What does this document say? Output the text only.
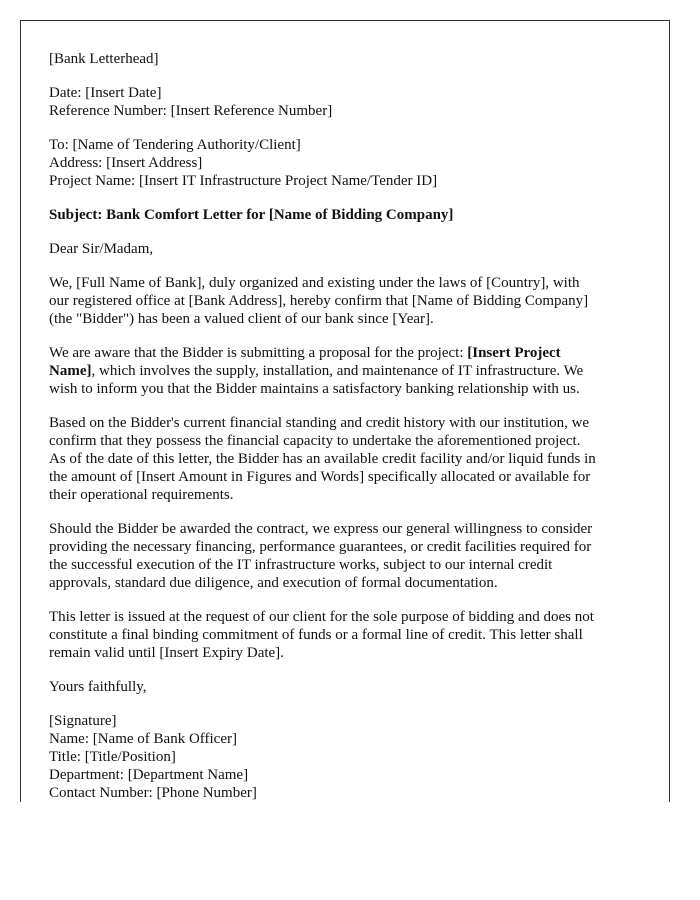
[Bank Letterhead]
Date: [Insert Date]
Reference Number: [Insert Reference Number]
To: [Name of Tendering Authority/Client]
Address: [Insert Address]
Project Name: [Insert IT Infrastructure Project Name/Tender ID]
Subject: Bank Comfort Letter for [Name of Bidding Company]
Dear Sir/Madam,
We, [Full Name of Bank], duly organized and existing under the laws of [Country], with
our registered office at [Bank Address], hereby confirm that [Name of Bidding Company]
(the "Bidder") has been a valued client of our bank since [Year].
We are aware that the Bidder is submitting a proposal for the project: [Insert Project
Name], which involves the supply, installation, and maintenance of IT infrastructure. We
wish to inform you that the Bidder maintains a satisfactory banking relationship with us.
Based on the Bidder's current financial standing and credit history with our institution, we
confirm that they possess the financial capacity to undertake the aforementioned project.
As of the date of this letter, the Bidder has an available credit facility and/or liquid funds in
the amount of [Insert Amount in Figures and Words] specifically allocated or available for
their operational requirements.
Should the Bidder be awarded the contract, we express our general willingness to consider
providing the necessary financing, performance guarantees, or credit facilities required for
the successful execution of the IT infrastructure works, subject to our internal credit
approvals, standard due diligence, and execution of formal documentation.
This letter is issued at the request of our client for the sole purpose of bidding and does not
constitute a final binding commitment of funds or a formal line of credit. This letter shall
remain valid until [Insert Expiry Date].
Yours faithfully,
[Signature]
Name: [Name of Bank Officer]
Title: [Title/Position]
Department: [Department Name]
Contact Number: [Phone Number]
